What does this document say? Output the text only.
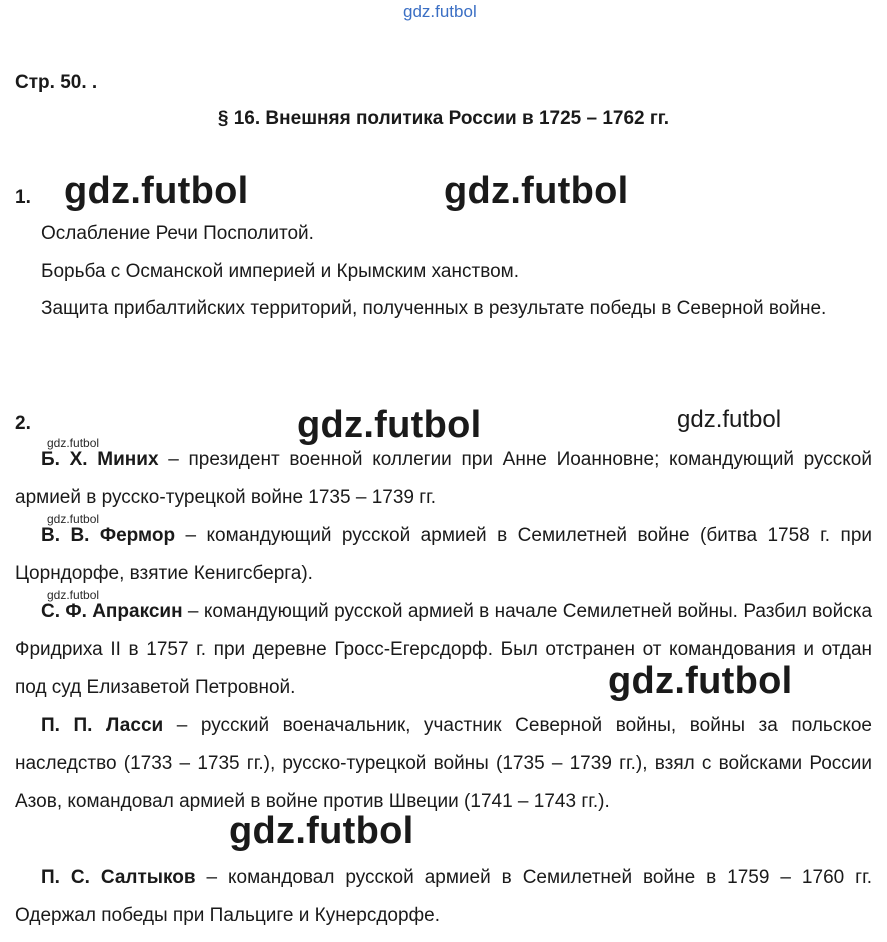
gdz.futbol
Стр. 50. .
§ 16. Внешняя политика России в 1725 – 1762 гг.
1. gdz.futbol	gdz.futbol
Ослабление Речи Посполитой.
Борьба с Османской империей и Крымским ханством.
Защита прибалтийских территорий, полученных в результате победы в Северной войне.
2.	gdz.futbol	gdz.futbol
gdz.futbol
Б. Х. Миних – президент военной коллегии при Анне Иоанновне; командующий русской армией в русско-турецкой войне 1735 – 1739 гг.
gdz.futbol
В. В. Фермор – командующий русской армией в Семилетней войне (битва 1758 г. при Цорндорфе, взятие Кенигсберга).
gdz.futbol
С. Ф. Апраксин – командующий русской армией в начале Семилетней войны. Разбил войска Фридриха II в 1757 г. при деревне Гросс-Егерсдорф. Был отстранен от командования и отдан под суд Елизаветой Петровной.	gdz.futbol
П. П. Ласси – русский военачальник, участник Северной войны, войны за польское наследство (1733 – 1735 гг.), русско-турецкой войны (1735 – 1739 гг.), взял с войсками России Азов, командовал армией в войне против Швеции (1741 – 1743 гг.).
gdz.futbol
П. С. Салтыков – командовал русской армией в Семилетней войне в 1759 – 1760 гг. Одержал победы при Пальциге и Кунерсдорфе.
